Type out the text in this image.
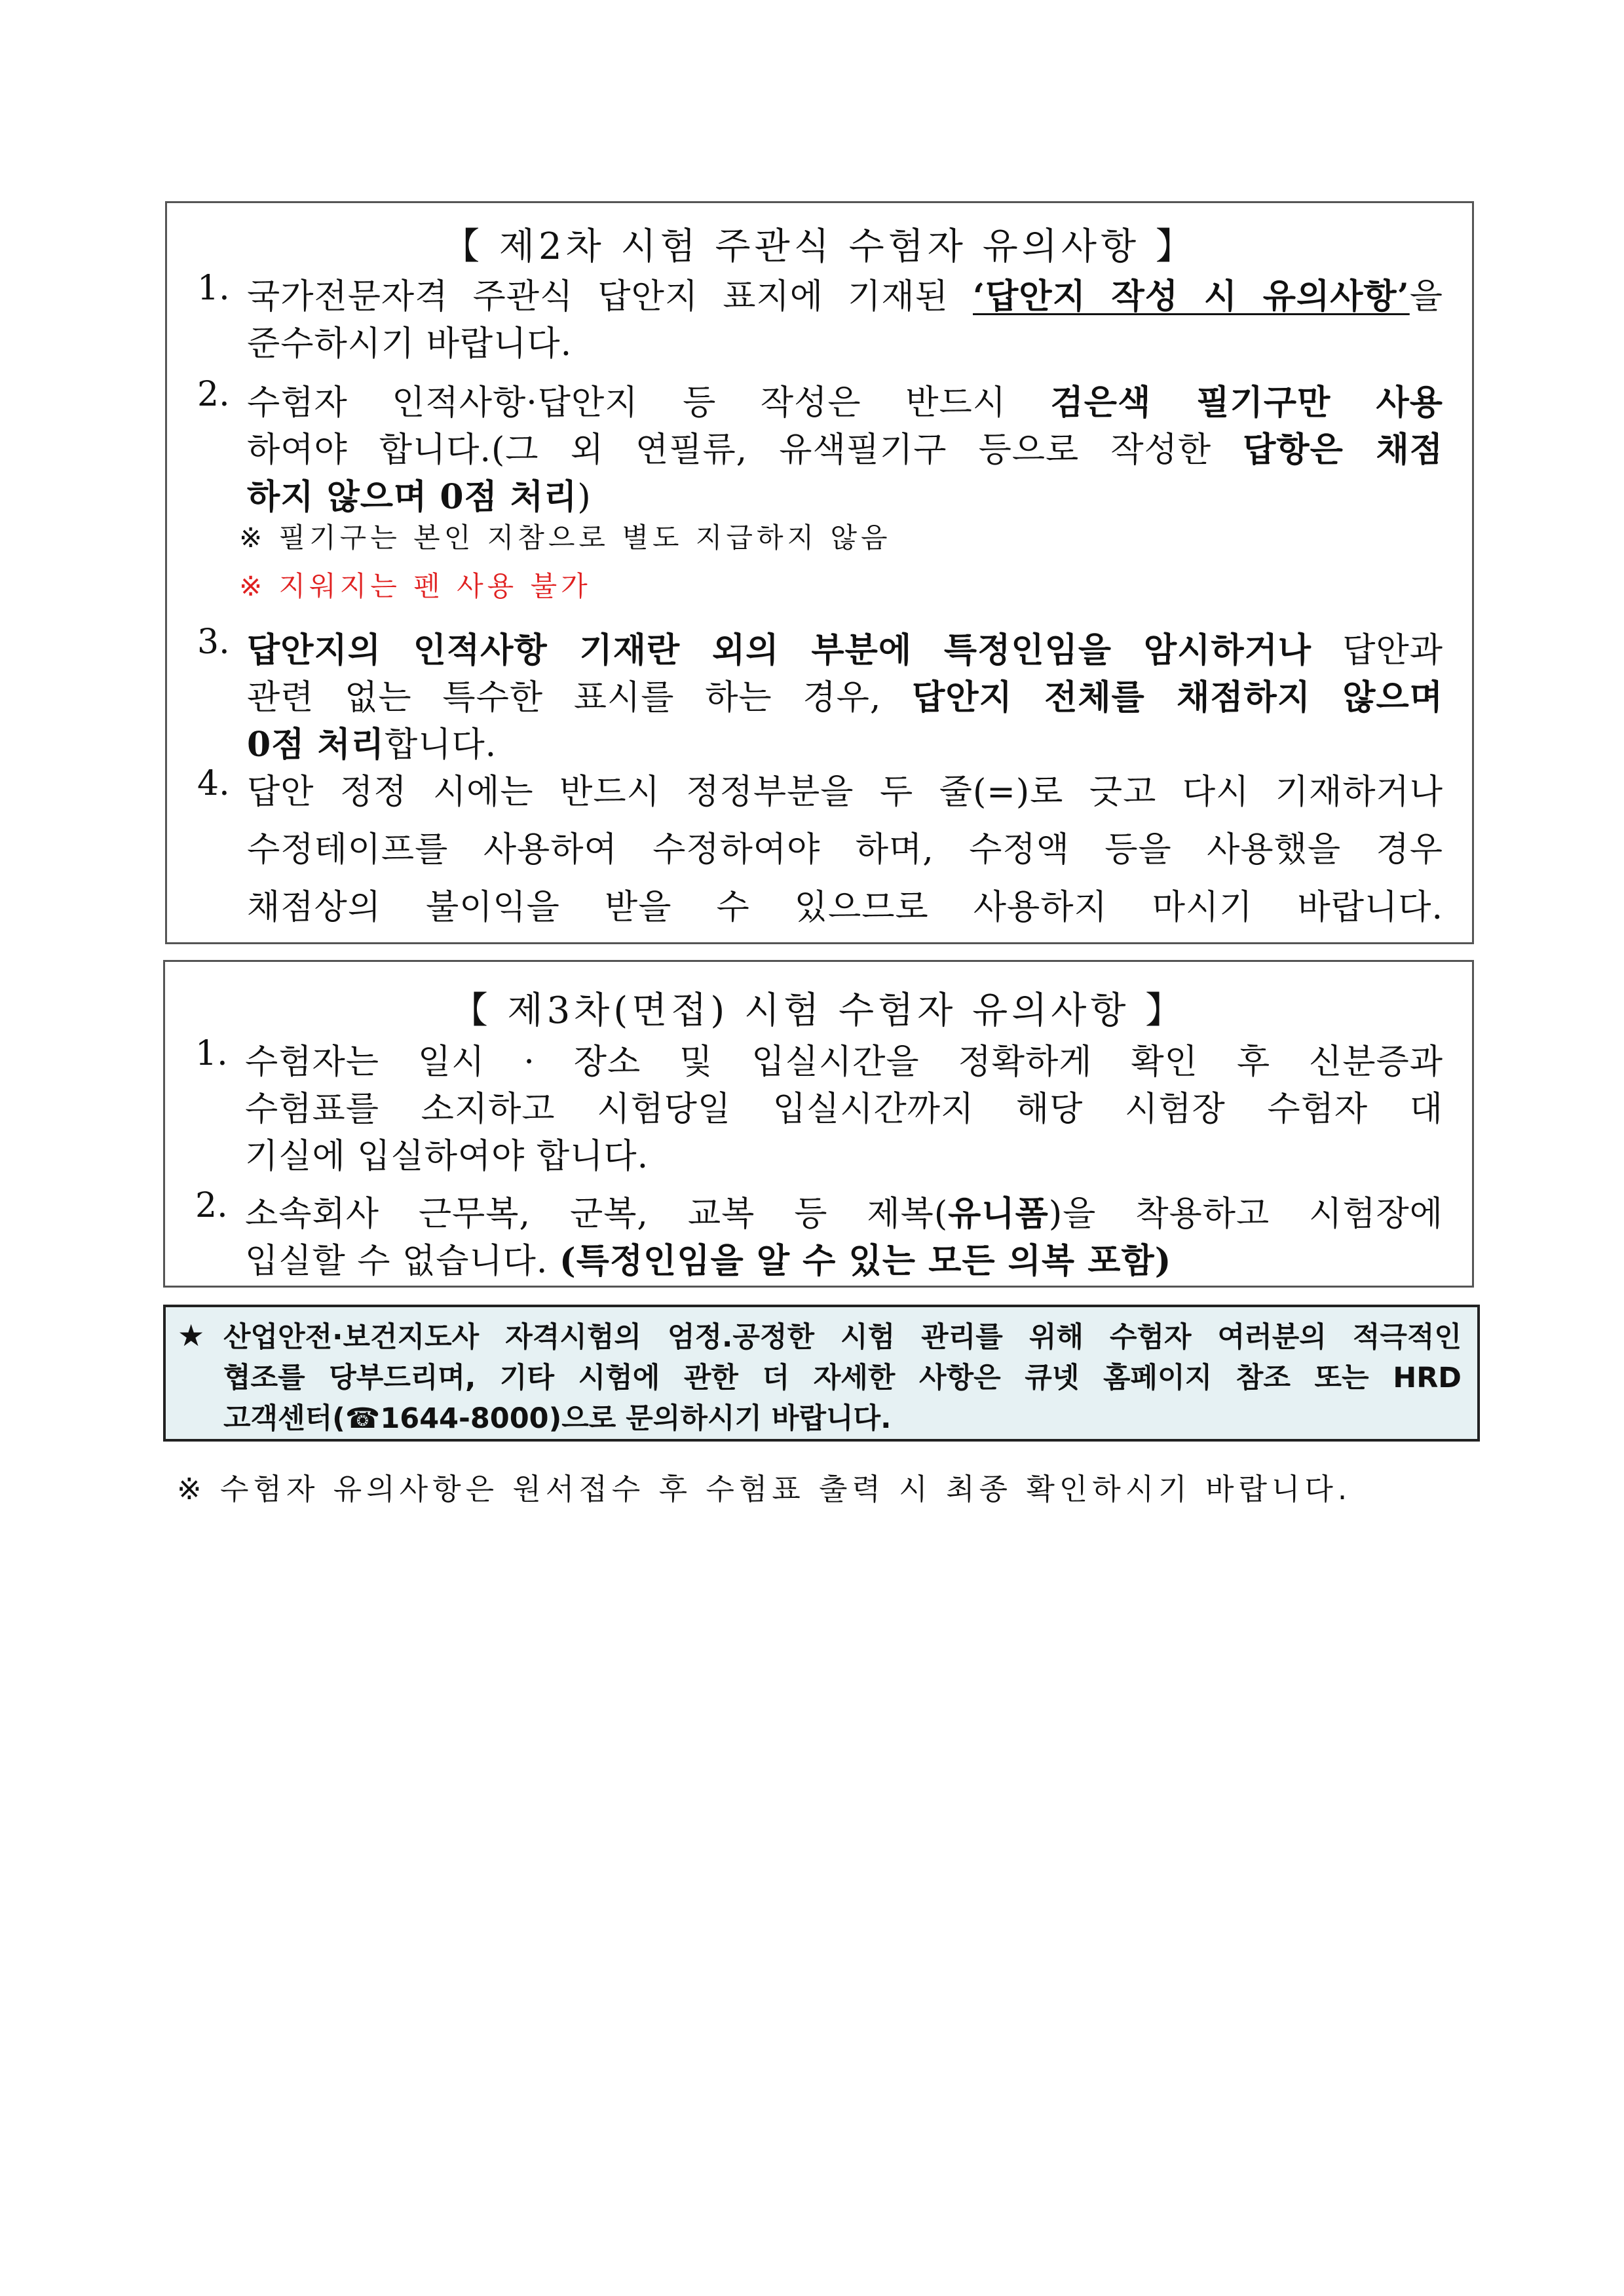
【 제2차 시험 주관식 수험자 유의사항 】
1. 국가전문자격 주관식 답안지 표지에 기재된 ‘답안지 작성 시 유의사항’을
준수하시기 바랍니다.
2. 수험자 인적사항·답안지 등 작성은 반드시 검은색 필기구만 사용
하여야 합니다.(그 외 연필류, 유색필기구 등으로 작성한 답항은 채점
하지 않으며 0점 처리)
※ 필기구는 본인 지참으로 별도 지급하지 않음
※ 지워지는 펜 사용 불가
3. 답안지의 인적사항 기재란 외의 부분에 특정인임을 암시하거나 답안과
관련 없는 특수한 표시를 하는 경우, 답안지 전체를 채점하지 않으며
0점 처리합니다.
4. 답안 정정 시에는 반드시 정정부분을 두 줄(=)로 긋고 다시 기재하거나
수정테이프를 사용하여 수정하여야 하며, 수정액 등을 사용했을 경우
채점상의 불이익을 받을 수 있으므로 사용하지 마시기 바랍니다.
【 제3차(면접) 시험 수험자 유의사항 】
1. 수험자는 일시 · 장소 및 입실시간을 정확하게 확인 후 신분증과
수험표를 소지하고 시험당일 입실시간까지 해당 시험장 수험자 대
기실에 입실하여야 합니다.
2. 소속회사 근무복, 군복, 교복 등 제복(유니폼)을 착용하고 시험장에
입실할 수 없습니다. (특정인임을 알 수 있는 모든 의복 포함)
★ 산업안전·보건지도사 자격시험의 엄정.공정한 시험 관리를 위해 수험자 여러분의 적극적인
협조를 당부드리며, 기타 시험에 관한 더 자세한 사항은 큐넷 홈페이지 참조 또는 HRD
고객센터(☎1644-8000)으로 문의하시기 바랍니다.
※ 수험자 유의사항은 원서접수 후 수험표 출력 시 최종 확인하시기 바랍니다.
